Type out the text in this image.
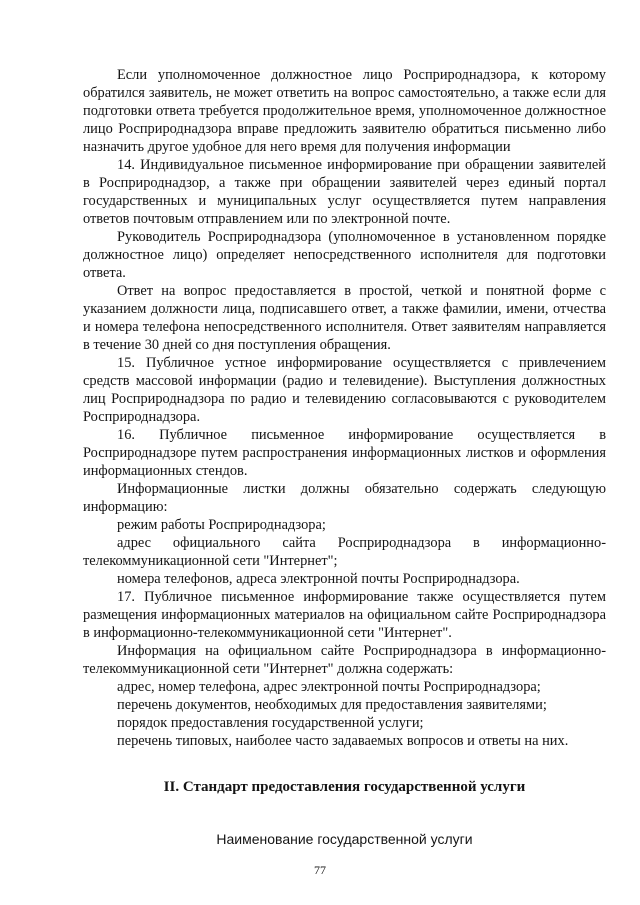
Если уполномоченное должностное лицо Росприроднадзора, к которому обратился заявитель, не может ответить на вопрос самостоятельно, а также если для подготовки ответа требуется продолжительное время, уполномоченное должностное лицо Росприроднадзора вправе предложить заявителю обратиться письменно либо назначить другое удобное для него время для получения информации

14. Индивидуальное письменное информирование при обращении заявителей в Росприроднадзор, а также при обращении заявителей через единый портал государственных и муниципальных услуг осуществляется путем направления ответов почтовым отправлением или по электронной почте.

Руководитель Росприроднадзора (уполномоченное в установленном порядке должностное лицо) определяет непосредственного исполнителя для подготовки ответа.

Ответ на вопрос предоставляется в простой, четкой и понятной форме с указанием должности лица, подписавшего ответ, а также фамилии, имени, отчества и номера телефона непосредственного исполнителя. Ответ заявителям направляется в течение 30 дней со дня поступления обращения.

15. Публичное устное информирование осуществляется с привлечением средств массовой информации (радио и телевидение). Выступления должностных лиц Росприроднадзора по радио и телевидению согласовываются с руководителем Росприроднадзора.

16. Публичное письменное информирование осуществляется в Росприроднадзоре путем распространения информационных листков и оформления информационных стендов.

Информационные листки должны обязательно содержать следующую информацию:

режим работы Росприроднадзора;

адрес официального сайта Росприроднадзора в информационно-телекоммуникационной сети "Интернет";

номера телефонов, адреса электронной почты Росприроднадзора.

17. Публичное письменное информирование также осуществляется путем размещения информационных материалов на официальном сайте Росприроднадзора в информационно-телекоммуникационной сети "Интернет".

Информация на официальном сайте Росприроднадзора в информационно-телекоммуникационной сети "Интернет" должна содержать:

адрес, номер телефона, адрес электронной почты Росприроднадзора;

перечень документов, необходимых для предоставления заявителями;

порядок предоставления государственной услуги;

перечень типовых, наиболее часто задаваемых вопросов и ответы на них.

II. Стандарт предоставления государственной услуги

Наименование государственной услуги

77
